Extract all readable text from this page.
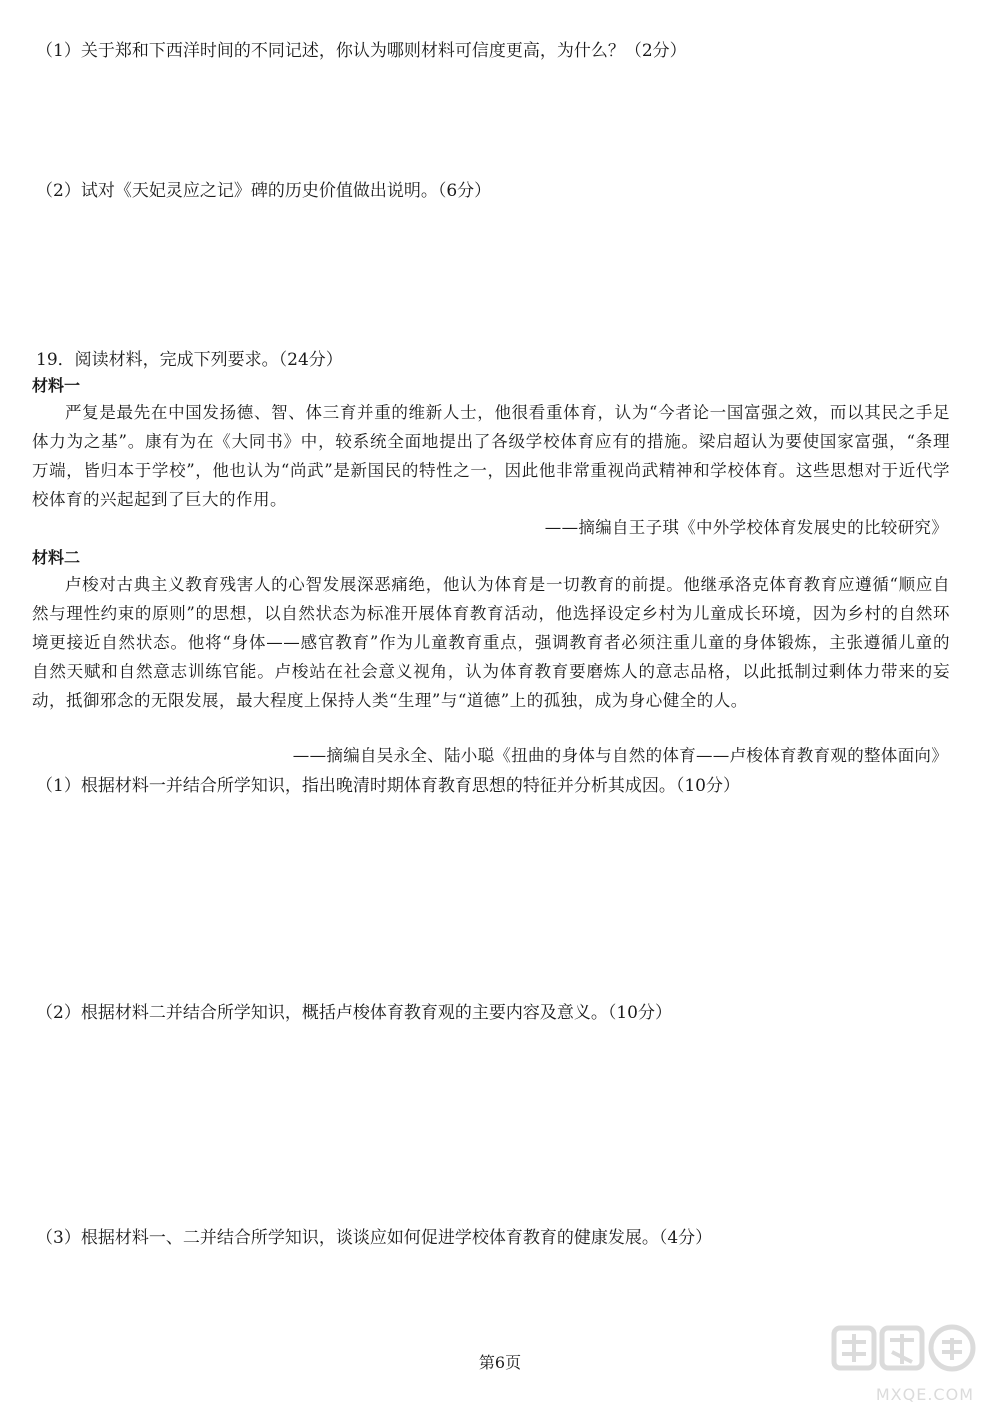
（1）关于郑和下西洋时间的不同记述，你认为哪则材料可信度更高，为什么？（2分）
（2）试对《天妃灵应之记》碑的历史价值做出说明。（6分）
19．阅读材料，完成下列要求。（24分）
材料一
严复是最先在中国发扬德、智、体三育并重的维新人士，他很看重体育，认为“今者论一国富强之效，而以其民之手足体力为之基”。康有为在《大同书》中，较系统全面地提出了各级学校体育应有的措施。梁启超认为要使国家富强，“条理万端，皆归本于学校”，他也认为“尚武”是新国民的特性之一，因此他非常重视尚武精神和学校体育。这些思想对于近代学校体育的兴起起到了巨大的作用。
——摘编自王子琪《中外学校体育发展史的比较研究》
材料二
卢梭对古典主义教育残害人的心智发展深恶痛绝，他认为体育是一切教育的前提。他继承洛克体育教育应遵循“顺应自然与理性约束的原则”的思想，以自然状态为标准开展体育教育活动，他选择设定乡村为儿童成长环境，因为乡村的自然环境更接近自然状态。他将“身体——感官教育”作为儿童教育重点，强调教育者必须注重儿童的身体锻炼，主张遵循儿童的自然天赋和自然意志训练官能。卢梭站在社会意义视角，认为体育教育要磨炼人的意志品格，以此抵制过剩体力带来的妄动，抵御邪念的无限发展，最大程度上保持人类“生理”与“道德”上的孤独，成为身心健全的人。
——摘编自吴永全、陆小聪《扭曲的身体与自然的体育——卢梭体育教育观的整体面向》
（1）根据材料一并结合所学知识，指出晚清时期体育教育思想的特征并分析其成因。（10分）
（2）根据材料二并结合所学知识，概括卢梭体育教育观的主要内容及意义。（10分）
（3）根据材料一、二并结合所学知识，谈谈应如何促进学校体育教育的健康发展。（4分）
第6页
MXQE.COM
